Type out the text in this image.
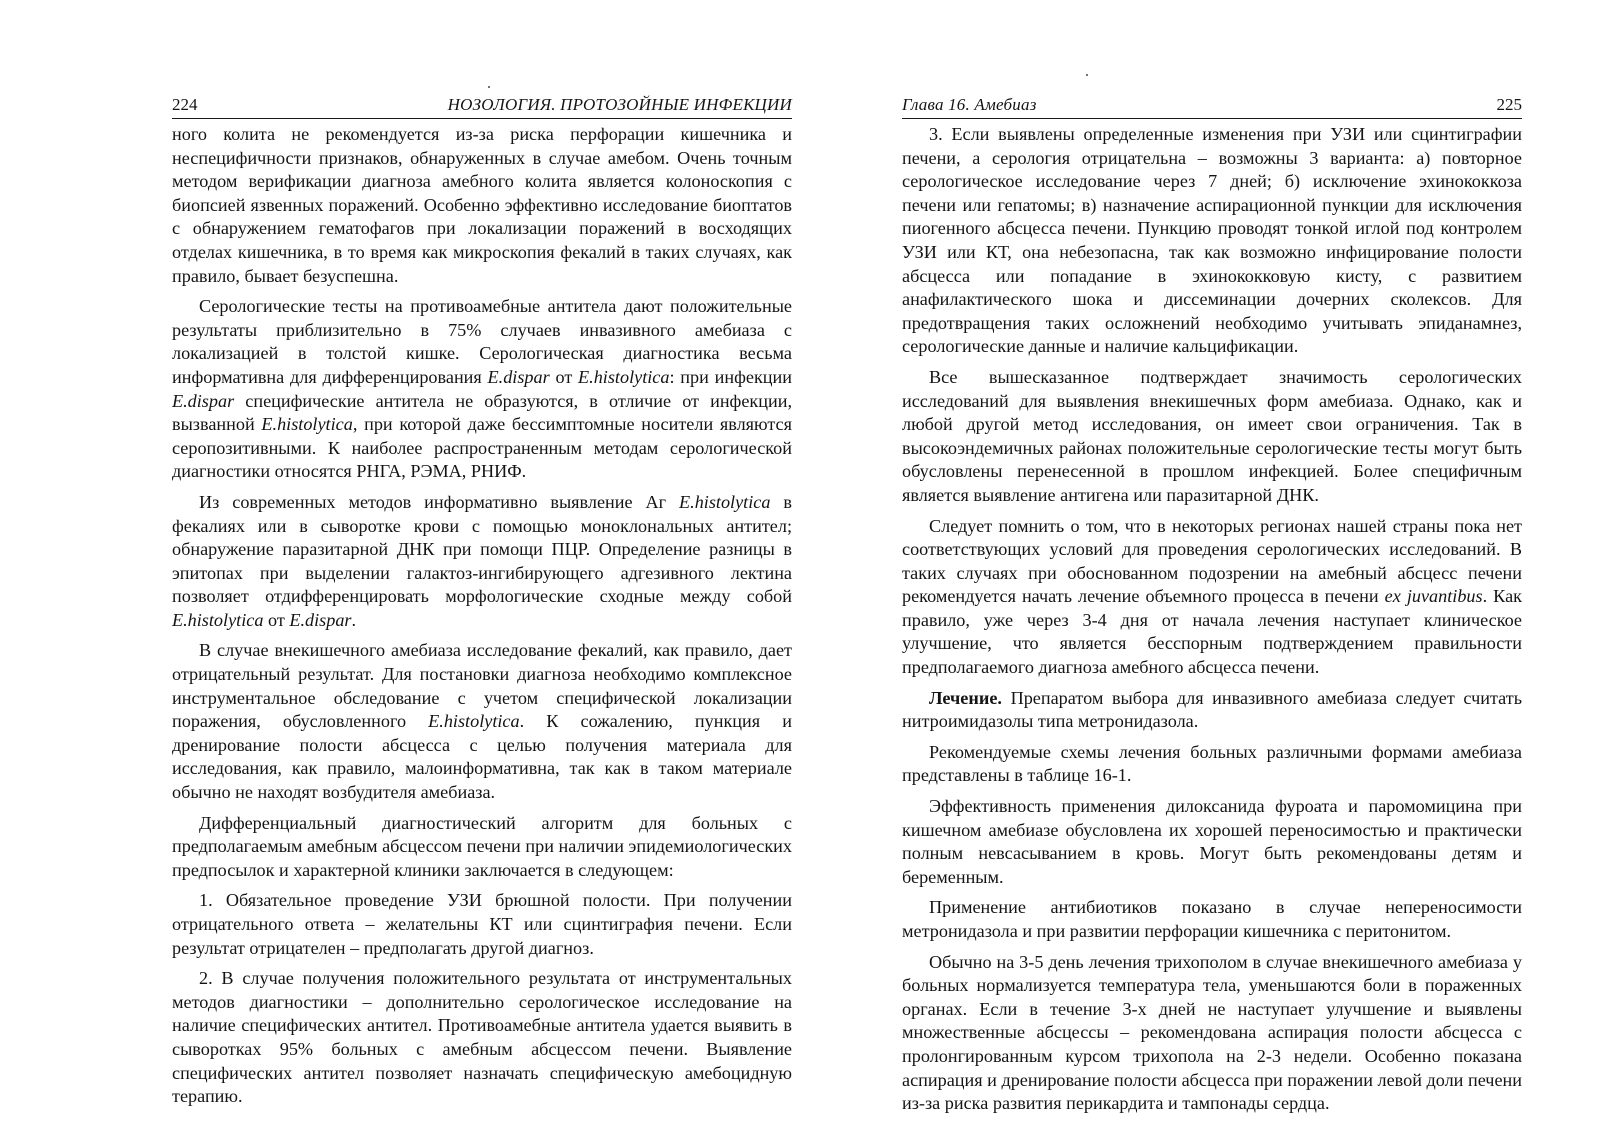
224	НОЗОЛОГИЯ. ПРОТОЗОЙНЫЕ ИНФЕКЦИИ

ного колита не рекомендуется из-за риска перфорации кишечника и неспецифичности признаков, обнаруженных в случае амебом. Очень точным методом верификации диагноза амебного колита является колоноскопия с биопсией язвенных поражений. Особенно эффективно исследование биоптатов с обнаружением гематофагов при локализации поражений в восходящих отделах кишечника, в то время как микроскопия фекалий в таких случаях, как правило, бывает безуспешна.

Серологические тесты на противоамебные антитела дают положительные результаты приблизительно в 75% случаев инвазивного амебиаза с локализацией в толстой кишке. Серологическая диагностика весьма информативна для дифференцирования E.dispar от E.histolytica: при инфекции E.dispar специфические антитела не образуются, в отличие от инфекции, вызванной E.histolytica, при которой даже бессимптомные носители являются серопозитивными. К наиболее распространенным методам серологической диагностики относятся РНГА, РЭМА, РНИФ.

Из современных методов информативно выявление Аг E.histolytica в фекалиях или в сыворотке крови с помощью моноклональных антител; обнаружение паразитарной ДНК при помощи ПЦР. Определение разницы в эпитопах при выделении галактоз-ингибирующего адгезивного лектина позволяет отдифференцировать морфологические сходные между собой E.histolytica от E.dispar.

В случае внекишечного амебиаза исследование фекалий, как правило, дает отрицательный результат. Для постановки диагноза необходимо комплексное инструментальное обследование с учетом специфической локализации поражения, обусловленного E.histolytica. К сожалению, пункция и дренирование полости абсцесса с целью получения материала для исследования, как правило, малоинформативна, так как в таком материале обычно не находят возбудителя амебиаза.

Дифференциальный диагностический алгоритм для больных с предполагаемым амебным абсцессом печени при наличии эпидемиологических предпосылок и характерной клиники заключается в следующем:

1. Обязательное проведение УЗИ брюшной полости. При получении отрицательного ответа – желательны КТ или сцинтиграфия печени. Если результат отрицателен – предполагать другой диагноз.

2. В случае получения положительного результата от инструментальных методов диагностики – дополнительно серологическое исследование на наличие специфических антител. Противоамебные антитела удается выявить в сыворотках 95% больных с амебным абсцессом печени. Выявление специфических антител позволяет назначать специфическую амебоцидную терапию.

Глава 16. Амебиаз	225

3. Если выявлены определенные изменения при УЗИ или сцинтиграфии печени, а серология отрицательна – возможны 3 варианта: а) повторное серологическое исследование через 7 дней; б) исключение эхинококкоза печени или гепатомы; в) назначение аспирационной пункции для исключения пиогенного абсцесса печени. Пункцию проводят тонкой иглой под контролем УЗИ или КТ, она небезопасна, так как возможно инфицирование полости абсцесса или попадание в эхинококковую кисту, с развитием анафилактического шока и диссеминации дочерних сколексов. Для предотвращения таких осложнений необходимо учитывать эпиданамнез, серологические данные и наличие кальцификации.

Все вышесказанное подтверждает значимость серологических исследований для выявления внекишечных форм амебиаза. Однако, как и любой другой метод исследования, он имеет свои ограничения. Так в высокоэндемичных районах положительные серологические тесты могут быть обусловлены перенесенной в прошлом инфекцией. Более специфичным является выявление антигена или паразитарной ДНК.

Следует помнить о том, что в некоторых регионах нашей страны пока нет соответствующих условий для проведения серологических исследований. В таких случаях при обоснованном подозрении на амебный абсцесс печени рекомендуется начать лечение объемного процесса в печени ex juvantibus. Как правило, уже через 3-4 дня от начала лечения наступает клиническое улучшение, что является бесспорным подтверждением правильности предполагаемого диагноза амебного абсцесса печени.

Лечение. Препаратом выбора для инвазивного амебиаза следует считать нитроимидазолы типа метронидазола.

Рекомендуемые схемы лечения больных различными формами амебиаза представлены в таблице 16-1.

Эффективность применения дилоксанида фуроата и паромомицина при кишечном амебиазе обусловлена их хорошей переносимостью и практически полным невсасыванием в кровь. Могут быть рекомендованы детям и беременным.

Применение антибиотиков показано в случае непереносимости метронидазола и при развитии перфорации кишечника с перитонитом.

Обычно на 3-5 день лечения трихополом в случае внекишечного амебиаза у больных нормализуется температура тела, уменьшаются боли в пораженных органах. Если в течение 3-х дней не наступает улучшение и выявлены множественные абсцессы – рекомендована аспирация полости абсцесса с пролонгированным курсом трихопола на 2-3 недели. Особенно показана аспирация и дренирование полости абсцесса при поражении левой доли печени из-за риска развития перикардита и тампонады сердца.
